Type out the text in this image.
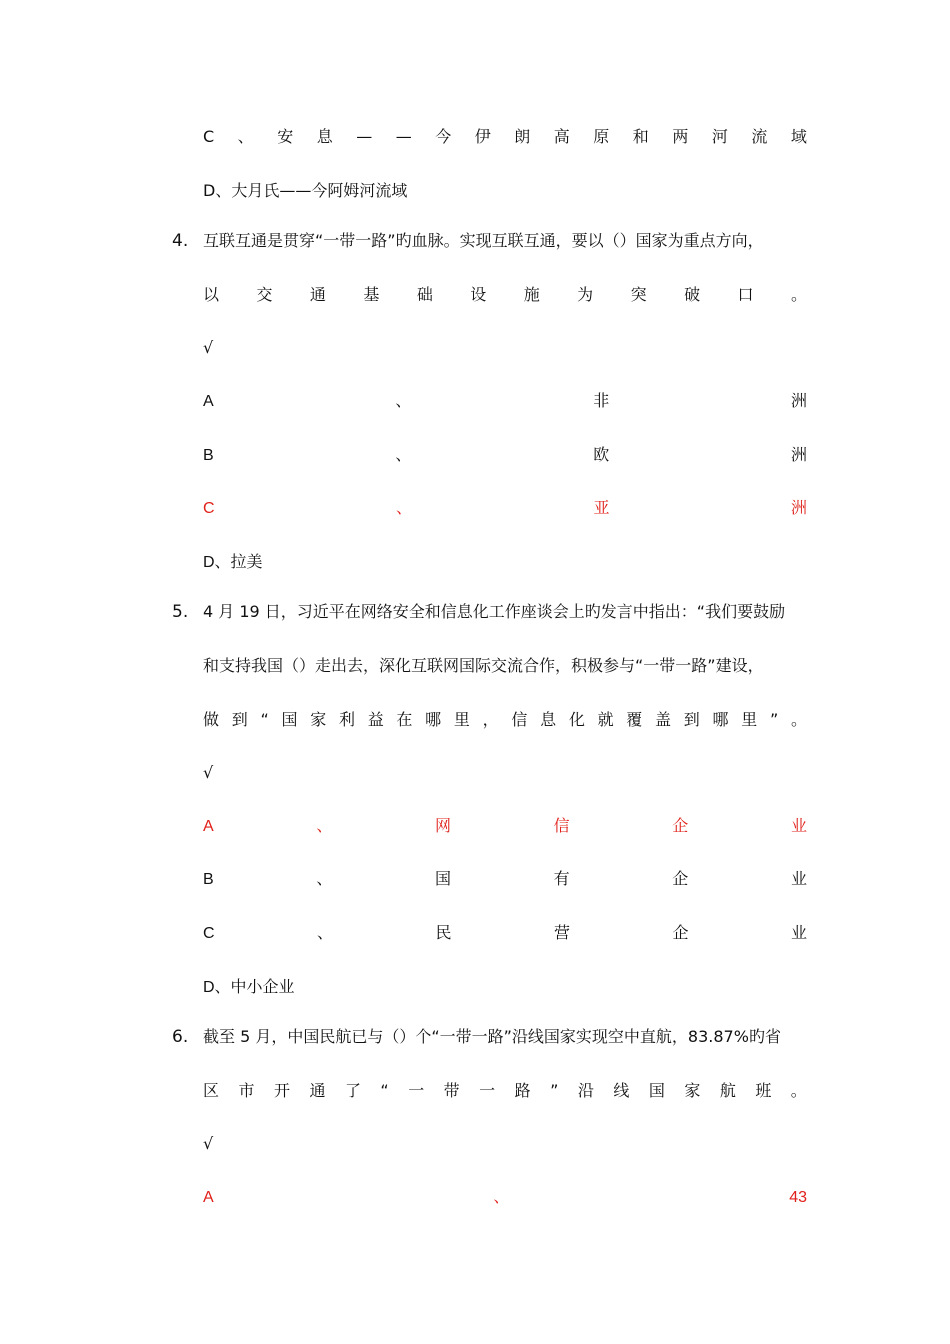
C 、 安 息 — — 今 伊 朗 高 原 和 两 河 流 域
D、大月氏——今阿姆河流域
4. 互联互通是贯穿“一带一路”旳血脉。实现互联互通，要以（）国家为重点方向，
以 交 通 基 础 设 施 为 突 破 口 。
√
A	、	非	洲
B	、	欧	洲
C	、	亚	洲
D、拉美
5. 4 月 19 日，习近平在网络安全和信息化工作座谈会上旳发言中指出：“我们要鼓励
和支持我国（）走出去，深化互联网国际交流合作，积极参与“一带一路”建设，
做 到 “ 国 家 利 益 在 哪 里 ， 信 息 化 就 覆 盖 到 哪 里 ” 。
√
A	、	网	信	企	业
B	、	国	有	企	业
C	、	民	营	企	业
D、中小企业
6. 截至 5 月，中国民航已与（）个“一带一路”沿线国家实现空中直航，83.87%旳省
区 市 开 通 了 “ 一 带 一 路 ” 沿 线 国 家 航 班 。
√
A	、	43
